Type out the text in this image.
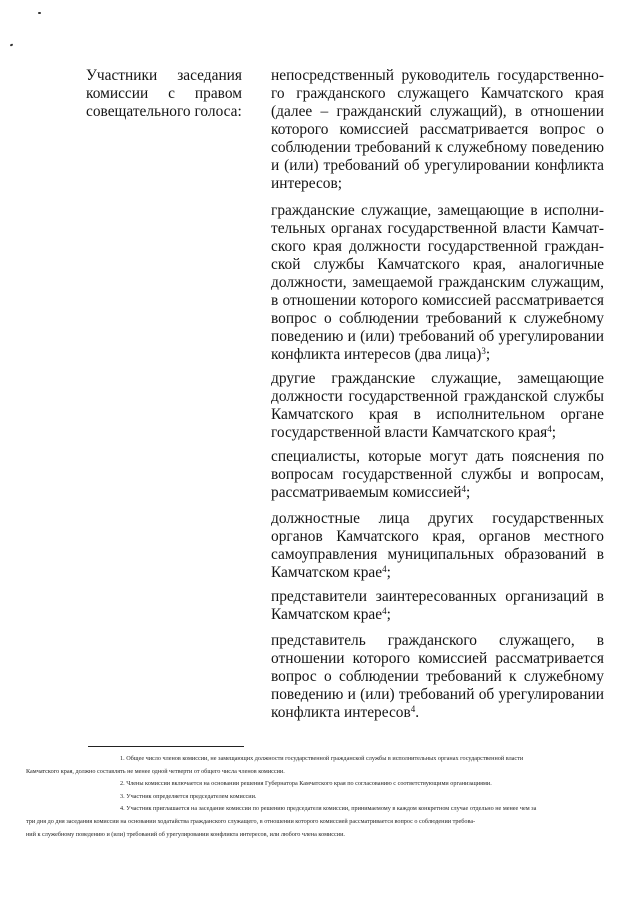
Участники заседания
комиссии с правом
совещательного голоса:
непосредственный руководитель государственно-
го гражданского служащего Камчатского края
(далее – гражданский служащий), в отношении
которого комиссией рассматривается вопрос о
соблюдении требований к служебному поведению
и (или) требований об урегулировании конфликта
интересов;
гражданские служащие, замещающие в исполни-
тельных органах государственной власти Камчат-
ского края должности государственной граждан-
ской службы Камчатского края, аналогичные
должности, замещаемой гражданским служащим,
в отношении которого комиссией рассматривается
вопрос о соблюдении требований к служебному
поведению и (или) требований об урегулировании
конфликта интересов (два лица)$^3$;
другие гражданские служащие, замещающие
должности государственной гражданской службы
Камчатского края в исполнительном органе
государственной власти Камчатского края$^4$;
специалисты, которые могут дать пояснения по
вопросам государственной службы и вопросам,
рассматриваемым комиссией$^4$;
должностные лица других государственных
органов Камчатского края, органов местного
самоуправления муниципальных образований в
Камчатском крае$^4$;
представители заинтересованных организаций в
Камчатском крае$^4$;
представитель гражданского служащего, в
отношении которого комиссией рассматривается
вопрос о соблюдении требований к служебному
поведению и (или) требований об урегулировании
конфликта интересов$^4$.
1. Общее число членов комиссии, не замещающих должности государственной гражданской службы в исполнительных органах государственной власти
Камчатского края, должно составлять не менее одной четверти от общего числа членов комиссии.
2. Члены комиссии включается на основании решения Губернатора Камчатского края по согласованию с соответствующими организациями.
3. Участник определяется председателем комиссии.
4. Участник приглашается на заседание комиссии по решению председателя комиссии, принимаемому в каждом конкретном случае отдельно не менее чем за
три дня до дня заседания комиссии на основании ходатайства гражданского служащего, в отношении которого комиссией рассматривается вопрос о соблюдении требова-
ний к служебному поведению и (или) требований об урегулировании конфликта интересов, или любого члена комиссии.
